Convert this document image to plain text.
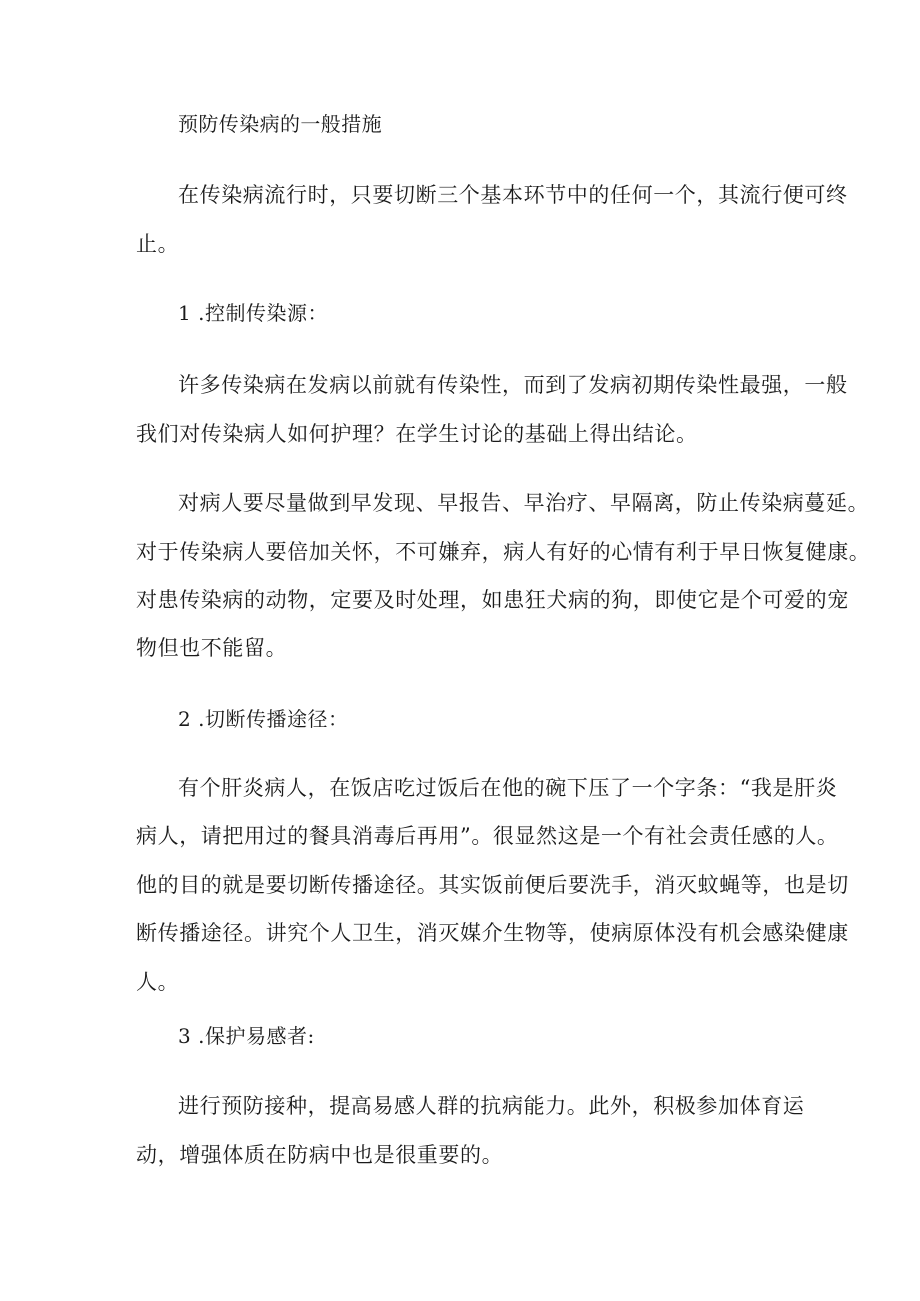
预防传染病的一般措施

在传染病流行时，只要切断三个基本环节中的任何一个，其流行便可终

止。

1 .控制传染源：

许多传染病在发病以前就有传染性，而到了发病初期传染性最强，一般

我们对传染病人如何护理？在学生讨论的基础上得出结论。

对病人要尽量做到早发现、早报告、早治疗、早隔离，防止传染病蔓延。

对于传染病人要倍加关怀，不可嫌弃，病人有好的心情有利于早日恢复健康。

对患传染病的动物，定要及时处理，如患狂犬病的狗，即使它是个可爱的宠

物但也不能留。

2 .切断传播途径：

有个肝炎病人，在饭店吃过饭后在他的碗下压了一个字条：“我是肝炎

病人，请把用过的餐具消毒后再用”。很显然这是一个有社会责任感的人。

他的目的就是要切断传播途径。其实饭前便后要洗手，消灭蚊蝇等，也是切

断传播途径。讲究个人卫生，消灭媒介生物等，使病原体没有机会感染健康

人。

3 .保护易感者:

进行预防接种，提高易感人群的抗病能力。此外，积极参加体育运

动，增强体质在防病中也是很重要的。
